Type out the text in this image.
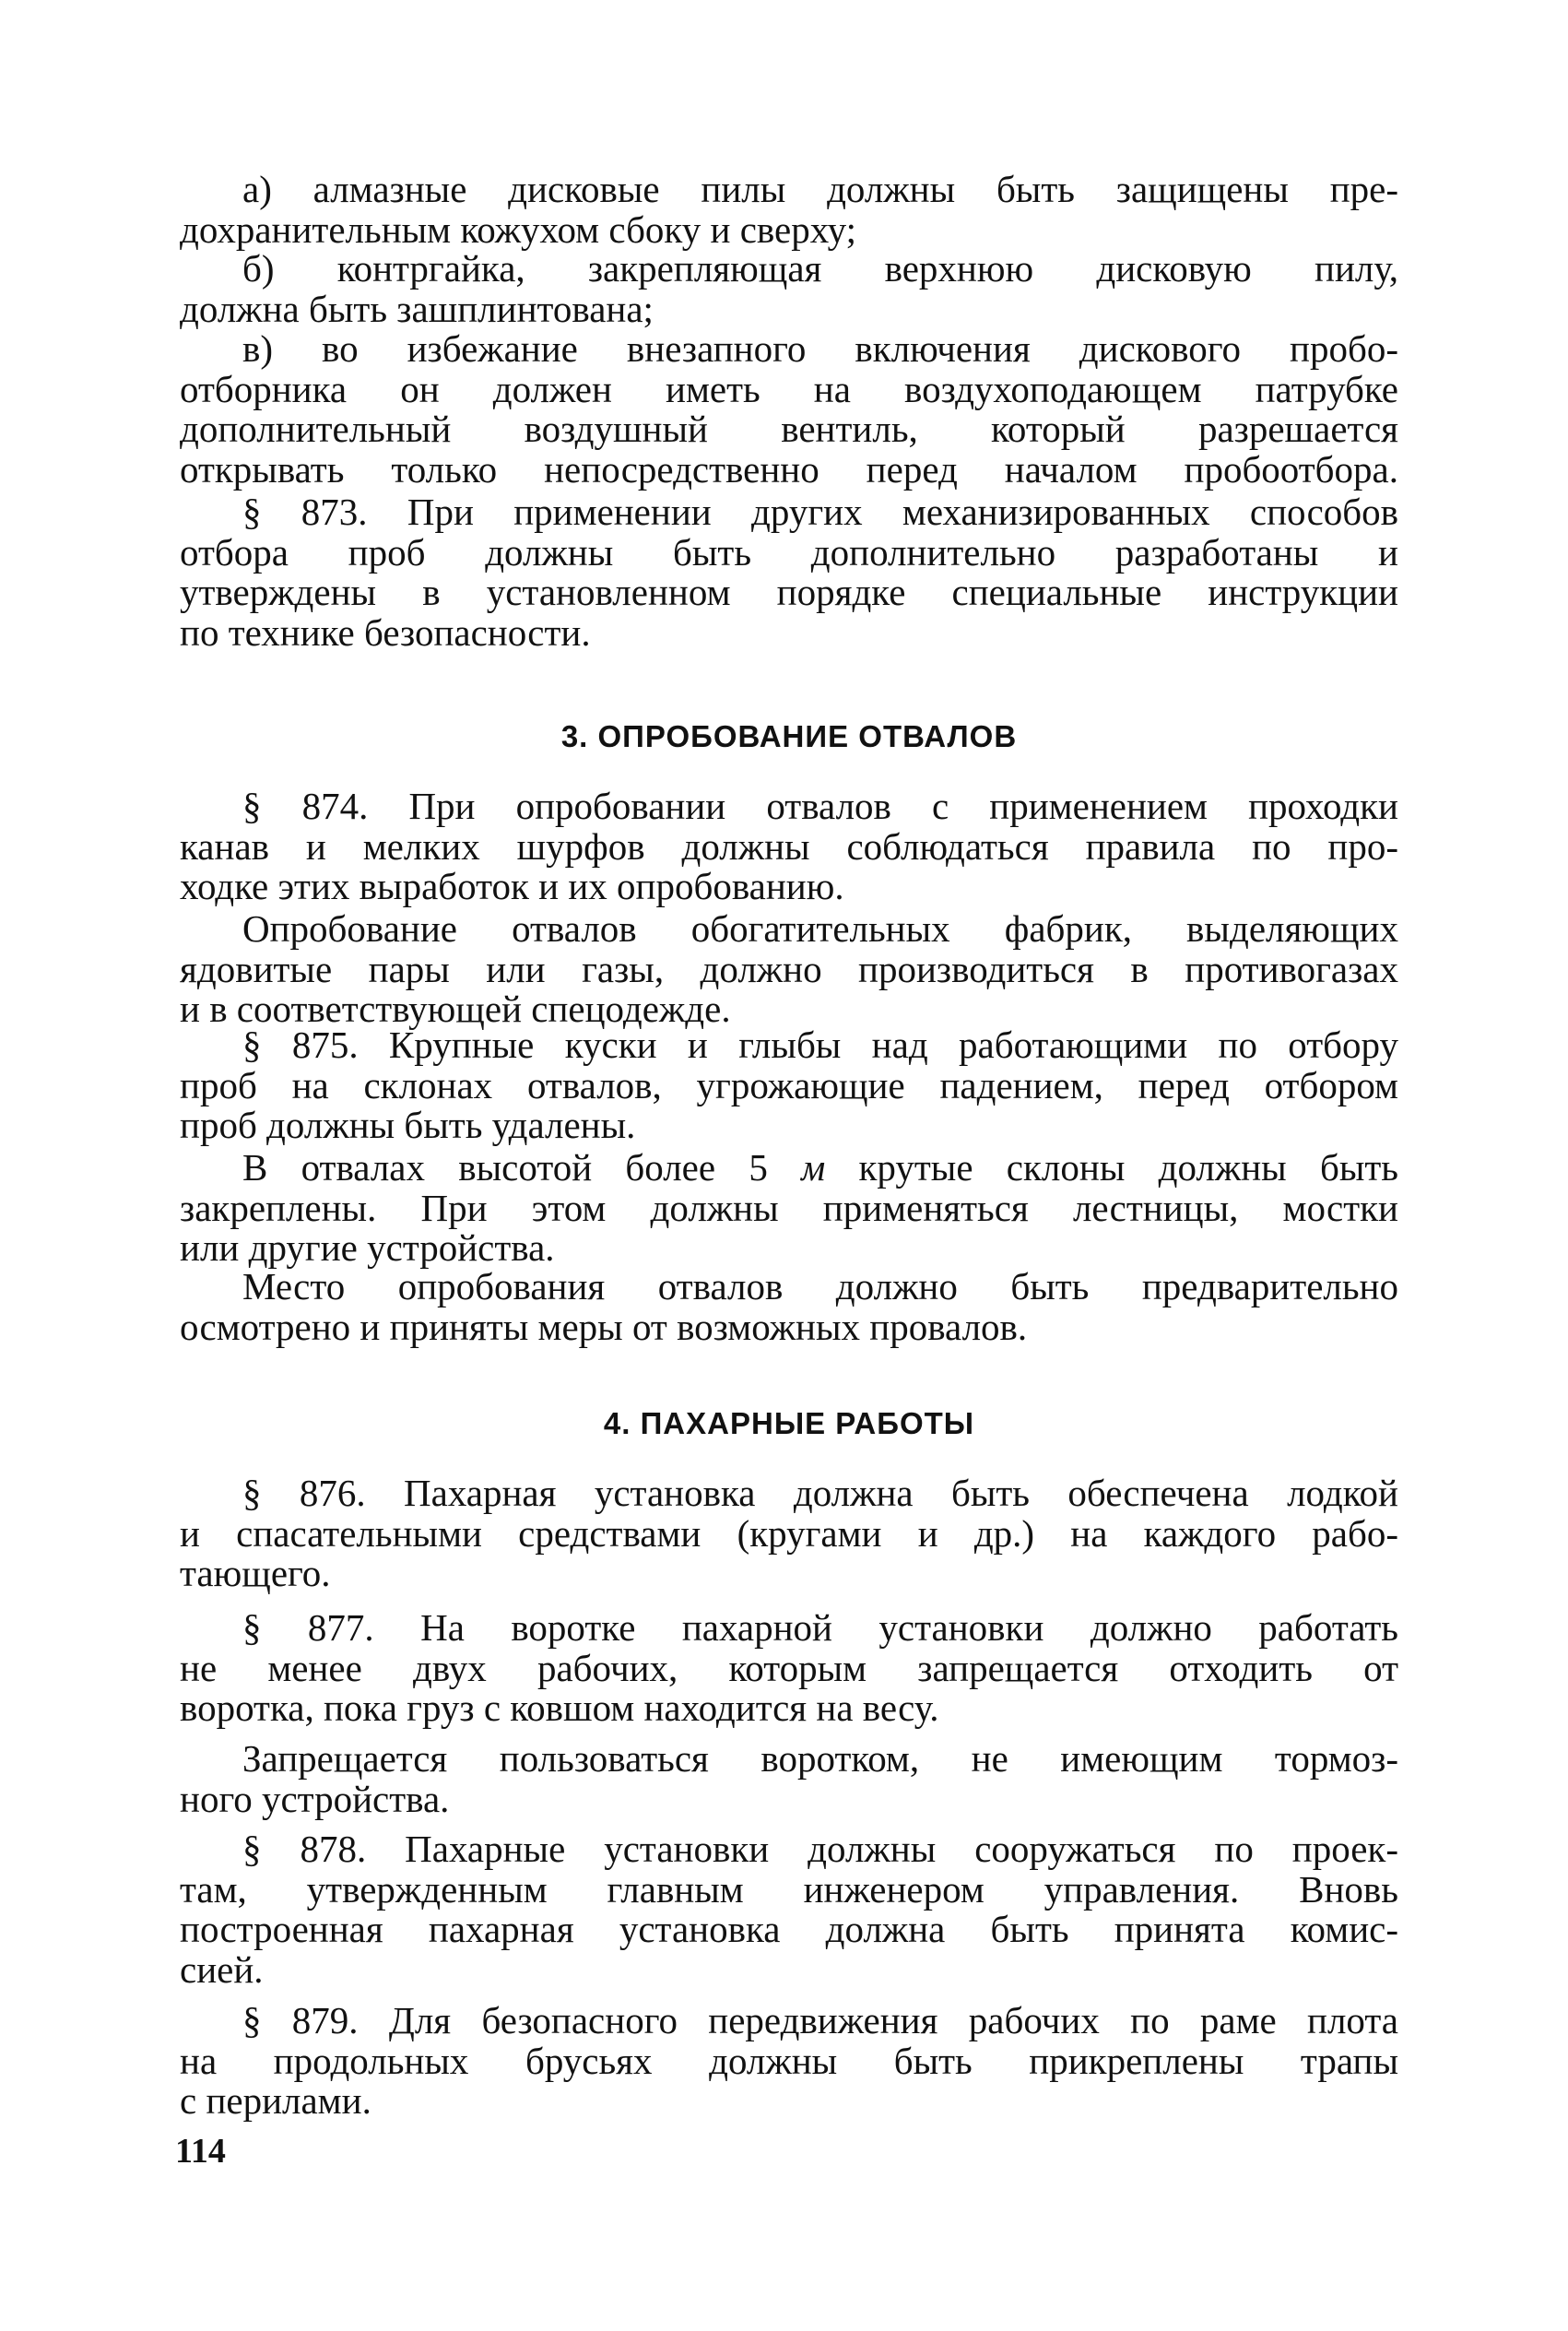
а) алмазные дисковые пилы должны быть защищены пре-
дохранительным кожухом сбоку и сверху;
б) контргайка, закрепляющая верхнюю дисковую пилу,
должна быть зашплинтована;
в) во избежание внезапного включения дискового пробо-
отборника он должен иметь на воздухоподающем патрубке
дополнительный воздушный вентиль, который разрешается
открывать только непосредственно перед началом пробоотбора.
§ 873. При применении других механизированных способов
отбора проб должны быть дополнительно разработаны и
утверждены в установленном порядке специальные инструкции
по технике безопасности.
3. ОПРОБОВАНИЕ ОТВАЛОВ
§ 874. При опробовании отвалов с применением проходки
канав и мелких шурфов должны соблюдаться правила по про-
ходке этих выработок и их опробованию.
Опробование отвалов обогатительных фабрик, выделяющих
ядовитые пары или газы, должно производиться в противогазах
и в соответствующей спецодежде.
§ 875. Крупные куски и глыбы над работающими по отбору
проб на склонах отвалов, угрожающие падением, перед отбором
проб должны быть удалены.
В отвалах высотой более 5 м крутые склоны должны быть
закреплены. При этом должны применяться лестницы, мостки
или другие устройства.
Место опробования отвалов должно быть предварительно
осмотрено и приняты меры от возможных провалов.
4. ПАХАРНЫЕ РАБОТЫ
§ 876. Пахарная установка должна быть обеспечена лодкой
и спасательными средствами (кругами и др.) на каждого рабо-
тающего.
§ 877. На воротке пахарной установки должно работать
не менее двух рабочих, которым запрещается отходить от
воротка, пока груз с ковшом находится на весу.
Запрещается пользоваться воротком, не имеющим тормоз-
ного устройства.
§ 878. Пахарные установки должны сооружаться по проек-
там, утвержденным главным инженером управления. Вновь
построенная пахарная установка должна быть принята комис-
сией.
§ 879. Для безопасного передвижения рабочих по раме плота
на продольных брусьях должны быть прикреплены трапы
с перилами.
114
